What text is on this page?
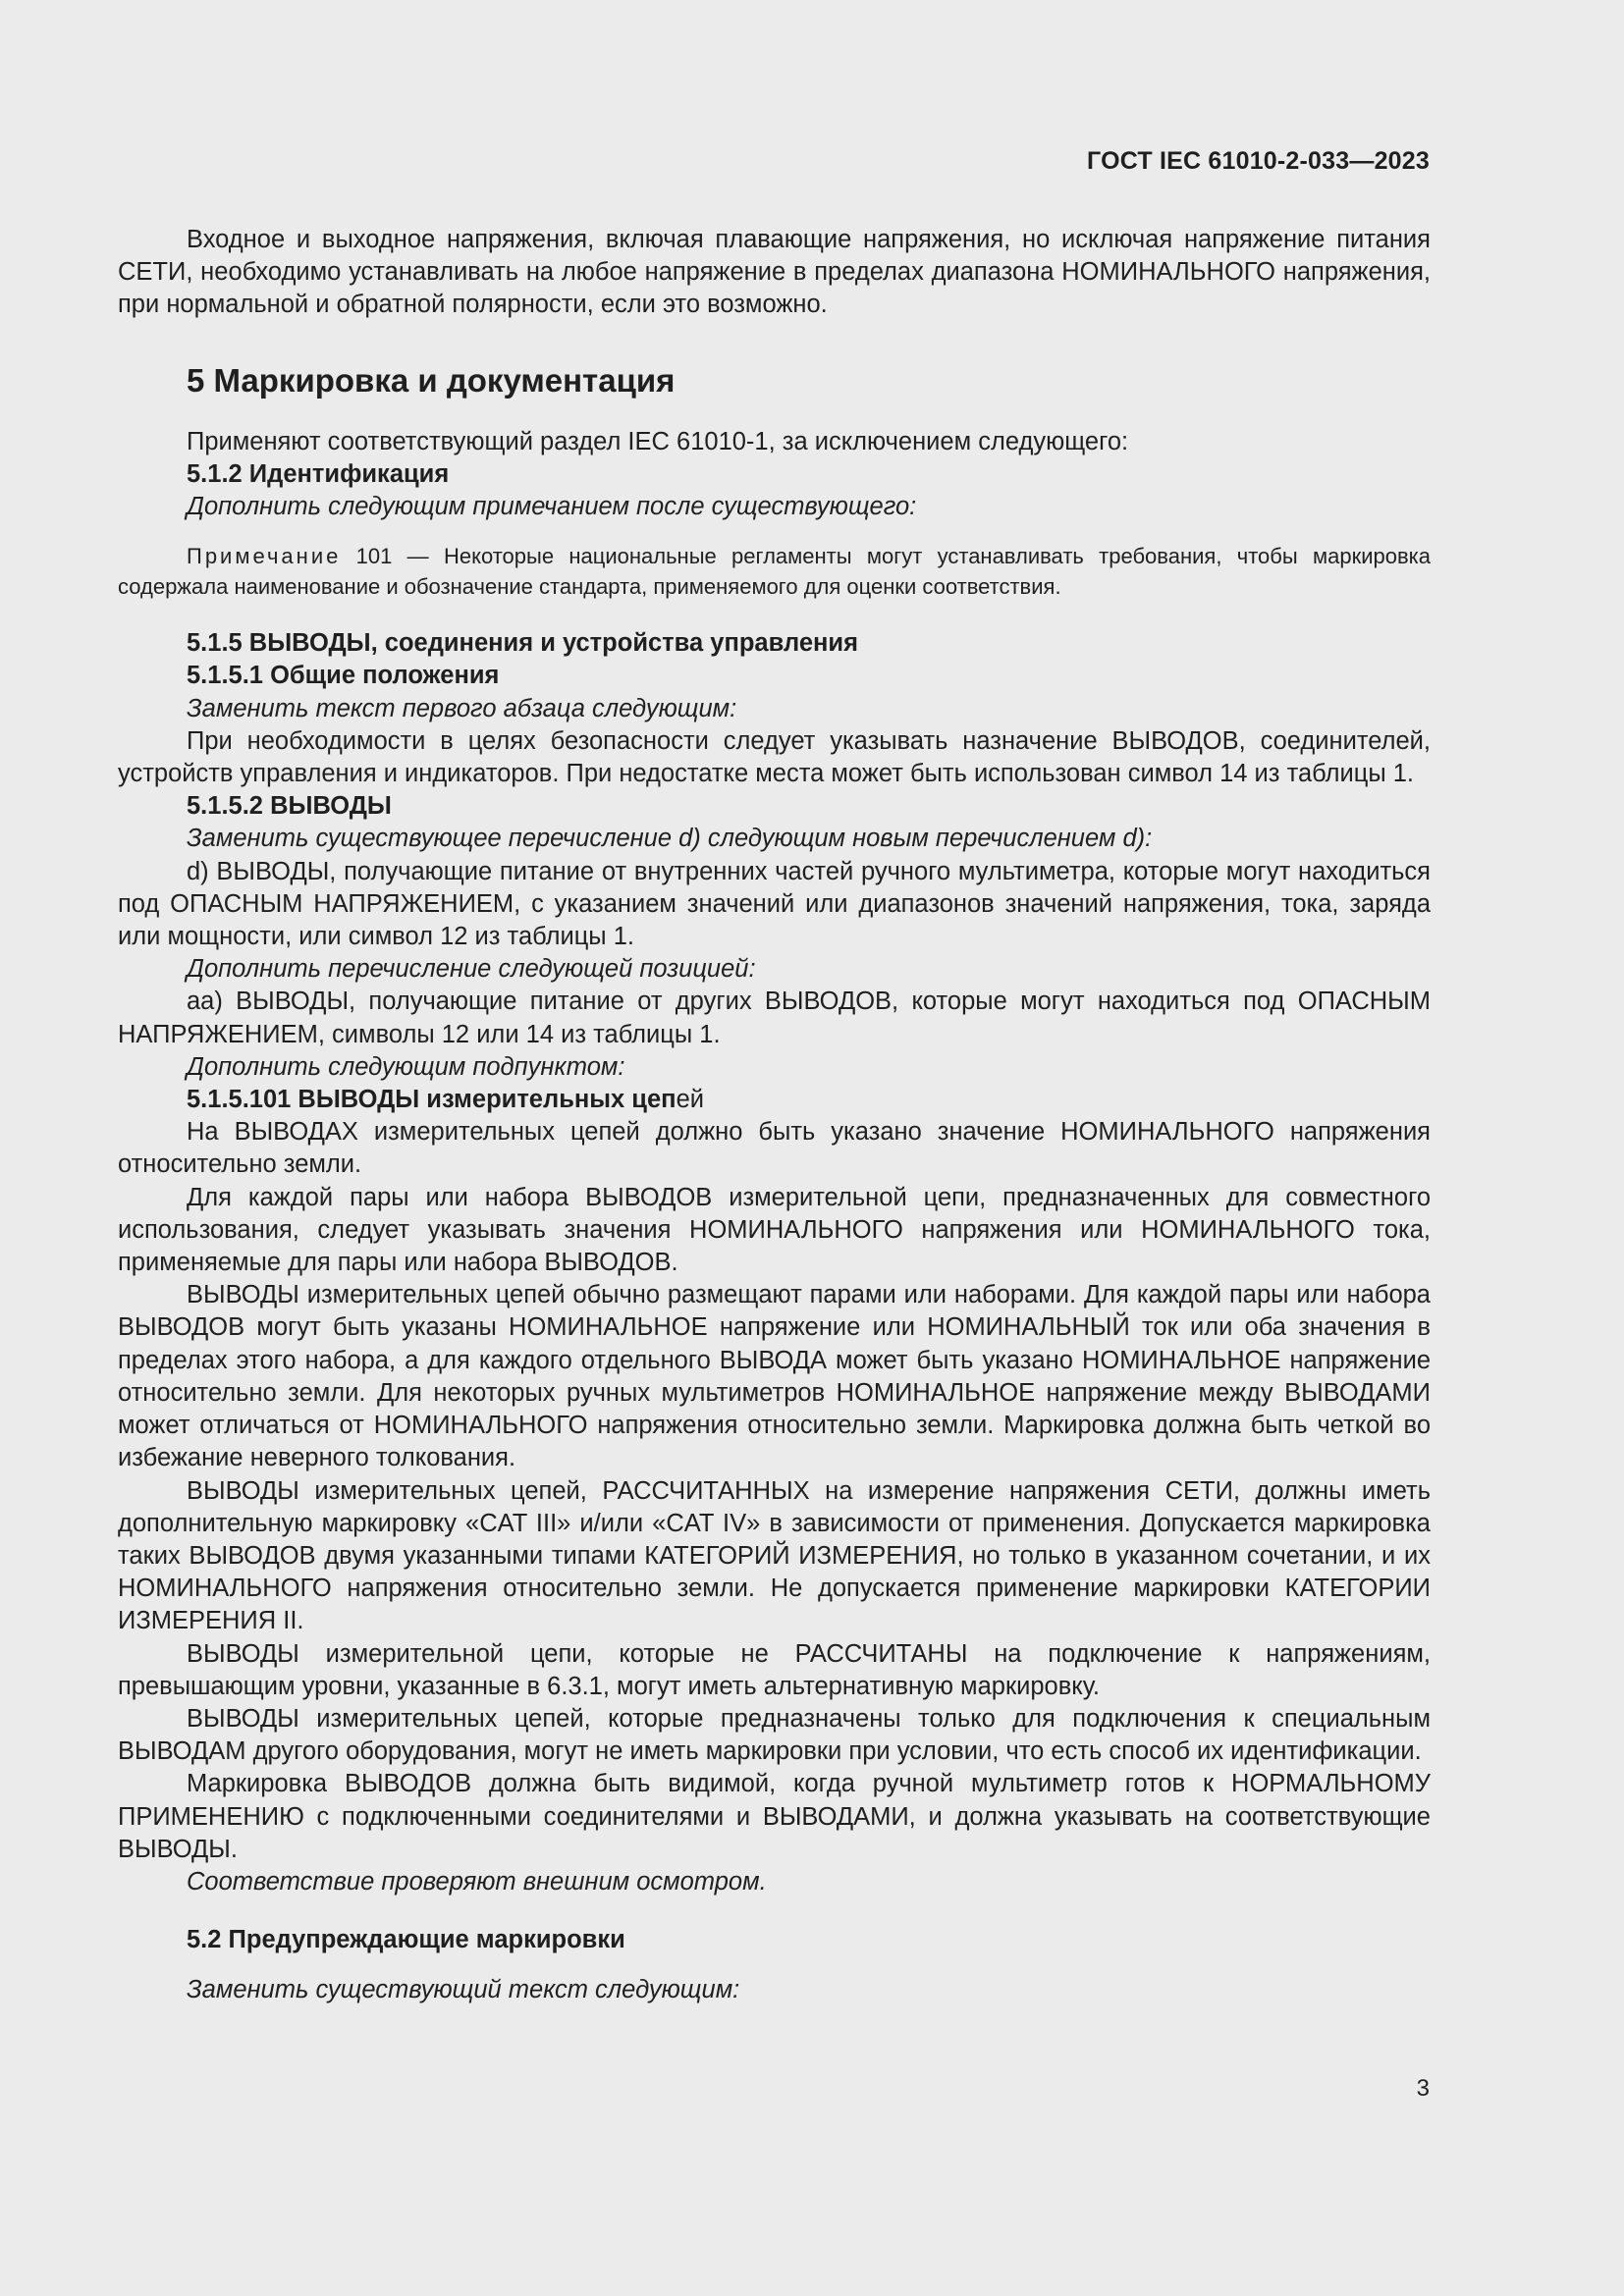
ГОСТ IEC 61010-2-033—2023

Входное и выходное напряжения, включая плавающие напряжения, но исключая напряжение питания СЕТИ, необходимо устанавливать на любое напряжение в пределах диапазона НОМИНАЛЬНОГО напряжения, при нормальной и обратной полярности, если это возможно.

5 Маркировка и документация

Применяют соответствующий раздел IEC 61010-1, за исключением следующего:

5.1.2 Идентификация

Дополнить следующим примечанием после существующего:

Примечание 101 — Некоторые национальные регламенты могут устанавливать требования, чтобы маркировка содержала наименование и обозначение стандарта, применяемого для оценки соответствия.

5.1.5 ВЫВОДЫ, соединения и устройства управления

5.1.5.1 Общие положения

Заменить текст первого абзаца следующим:

При необходимости в целях безопасности следует указывать назначение ВЫВОДОВ, соединителей, устройств управления и индикаторов. При недостатке места может быть использован символ 14 из таблицы 1.

5.1.5.2 ВЫВОДЫ

Заменить существующее перечисление d) следующим новым перечислением d):

d) ВЫВОДЫ, получающие питание от внутренних частей ручного мультиметра, которые могут находиться под ОПАСНЫМ НАПРЯЖЕНИЕМ, с указанием значений или диапазонов значений напряжения, тока, заряда или мощности, или символ 12 из таблицы 1.

Дополнить перечисление следующей позицией:

аа) ВЫВОДЫ, получающие питание от других ВЫВОДОВ, которые могут находиться под ОПАСНЫМ НАПРЯЖЕНИЕМ, символы 12 или 14 из таблицы 1.

Дополнить следующим подпунктом:

5.1.5.101 ВЫВОДЫ измерительных цепей

На ВЫВОДАХ измерительных цепей должно быть указано значение НОМИНАЛЬНОГО напряжения относительно земли.

Для каждой пары или набора ВЫВОДОВ измерительной цепи, предназначенных для совместного использования, следует указывать значения НОМИНАЛЬНОГО напряжения или НОМИНАЛЬНОГО тока, применяемые для пары или набора ВЫВОДОВ.

ВЫВОДЫ измерительных цепей обычно размещают парами или наборами. Для каждой пары или набора ВЫВОДОВ могут быть указаны НОМИНАЛЬНОЕ напряжение или НОМИНАЛЬНЫЙ ток или оба значения в пределах этого набора, а для каждого отдельного ВЫВОДА может быть указано НОМИНАЛЬНОЕ напряжение относительно земли. Для некоторых ручных мультиметров НОМИНАЛЬНОЕ напряжение между ВЫВОДАМИ может отличаться от НОМИНАЛЬНОГО напряжения относительно земли. Маркировка должна быть четкой во избежание неверного толкования.

ВЫВОДЫ измерительных цепей, РАССЧИТАННЫХ на измерение напряжения СЕТИ, должны иметь дополнительную маркировку «CAT III» и/или «CAT IV» в зависимости от применения. Допускается маркировка таких ВЫВОДОВ двумя указанными типами КАТЕГОРИЙ ИЗМЕРЕНИЯ, но только в указанном сочетании, и их НОМИНАЛЬНОГО напряжения относительно земли. Не допускается применение маркировки КАТЕГОРИИ ИЗМЕРЕНИЯ II.

ВЫВОДЫ измерительной цепи, которые не РАССЧИТАНЫ на подключение к напряжениям, превышающим уровни, указанные в 6.3.1, могут иметь альтернативную маркировку.

ВЫВОДЫ измерительных цепей, которые предназначены только для подключения к специальным ВЫВОДАМ другого оборудования, могут не иметь маркировки при условии, что есть способ их идентификации.

Маркировка ВЫВОДОВ должна быть видимой, когда ручной мультиметр готов к НОРМАЛЬНОМУ ПРИМЕНЕНИЮ с подключенными соединителями и ВЫВОДАМИ, и должна указывать на соответствующие ВЫВОДЫ.

Соответствие проверяют внешним осмотром.

5.2 Предупреждающие маркировки

Заменить существующий текст следующим:

3
